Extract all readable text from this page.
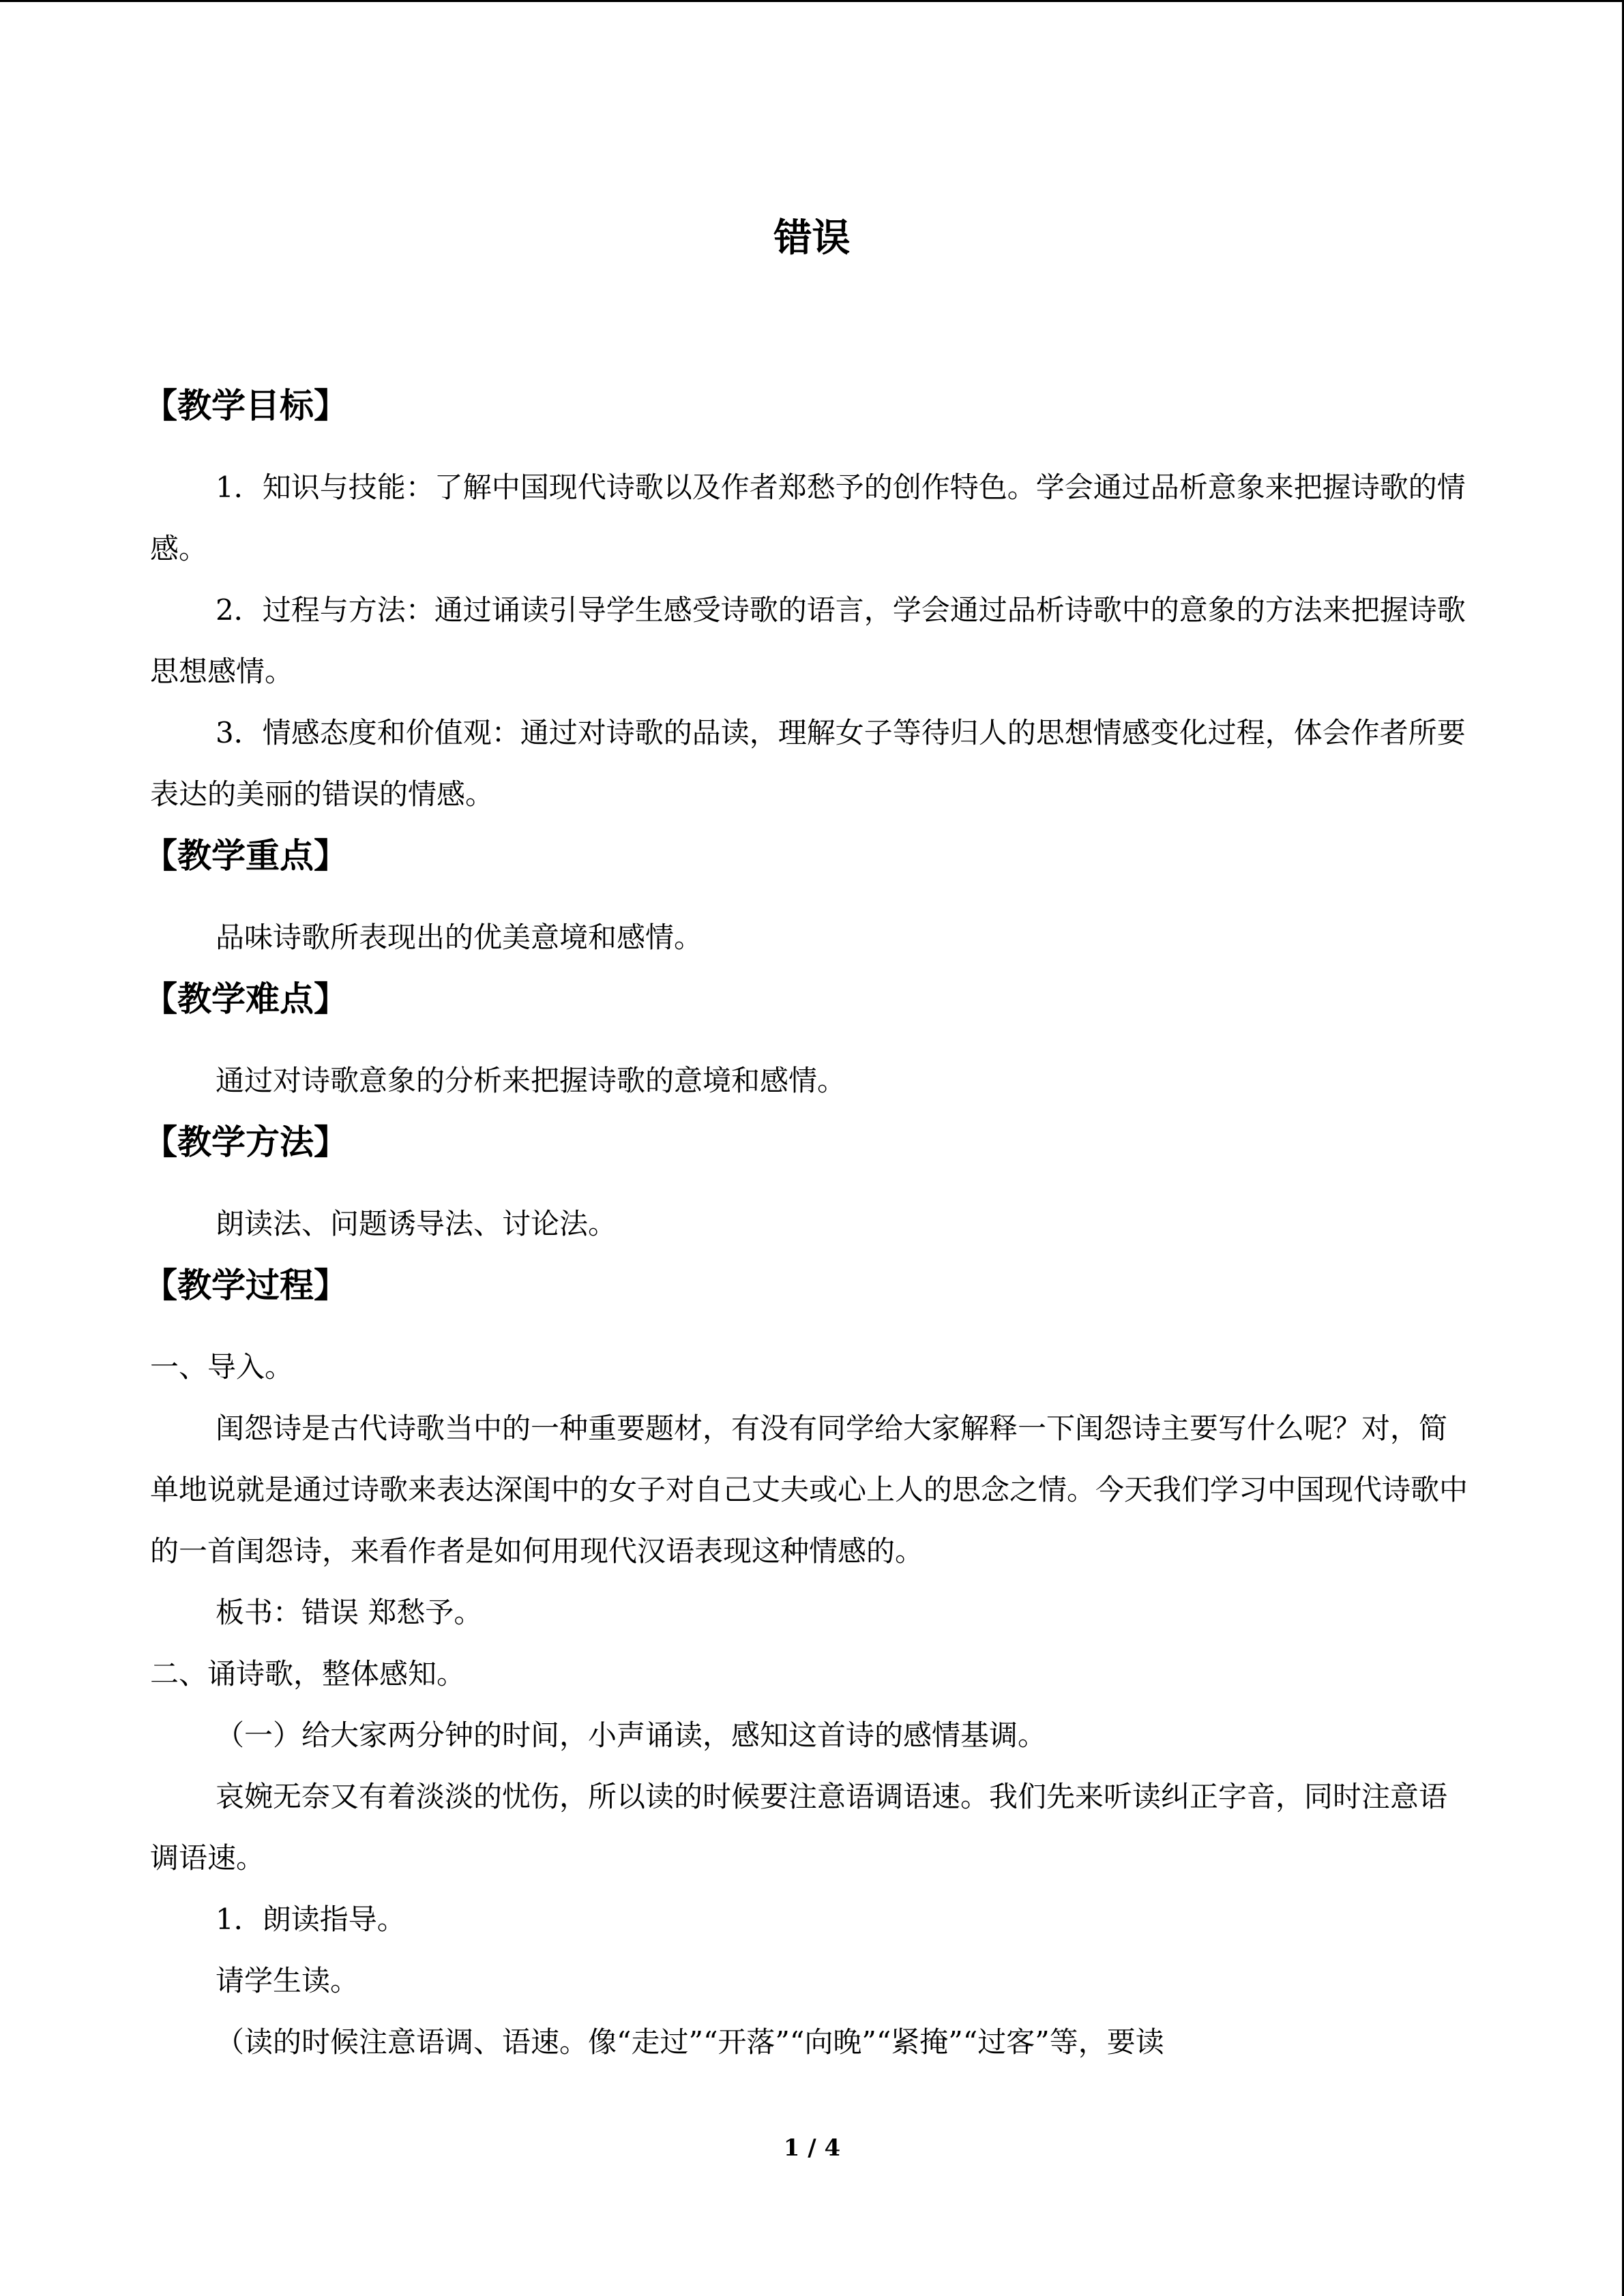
错误
【教学目标】

1．知识与技能：了解中国现代诗歌以及作者郑愁予的创作特色。学会通过品析意象来把握诗歌的情感。

2．过程与方法：通过诵读引导学生感受诗歌的语言，学会通过品析诗歌中的意象的方法来把握诗歌思想感情。

3．情感态度和价值观：通过对诗歌的品读，理解女子等待归人的思想情感变化过程，体会作者所要表达的美丽的错误的情感。

【教学重点】

品味诗歌所表现出的优美意境和感情。

【教学难点】

通过对诗歌意象的分析来把握诗歌的意境和感情。

【教学方法】

朗读法、问题诱导法、讨论法。

【教学过程】

一、导入。

闺怨诗是古代诗歌当中的一种重要题材，有没有同学给大家解释一下闺怨诗主要写什么呢？对，简单地说就是通过诗歌来表达深闺中的女子对自己丈夫或心上人的思念之情。今天我们学习中国现代诗歌中的一首闺怨诗，来看作者是如何用现代汉语表现这种情感的。

板书：错误 郑愁予。

二、诵诗歌，整体感知。

（一）给大家两分钟的时间，小声诵读，感知这首诗的感情基调。

哀婉无奈又有着淡淡的忧伤，所以读的时候要注意语调语速。我们先来听读纠正字音，同时注意语调语速。

1．朗读指导。

请学生读。

（读的时候注意语调、语速。像“走过”“开落”“向晚”“紧掩”“过客”等，要读

1 / 4
